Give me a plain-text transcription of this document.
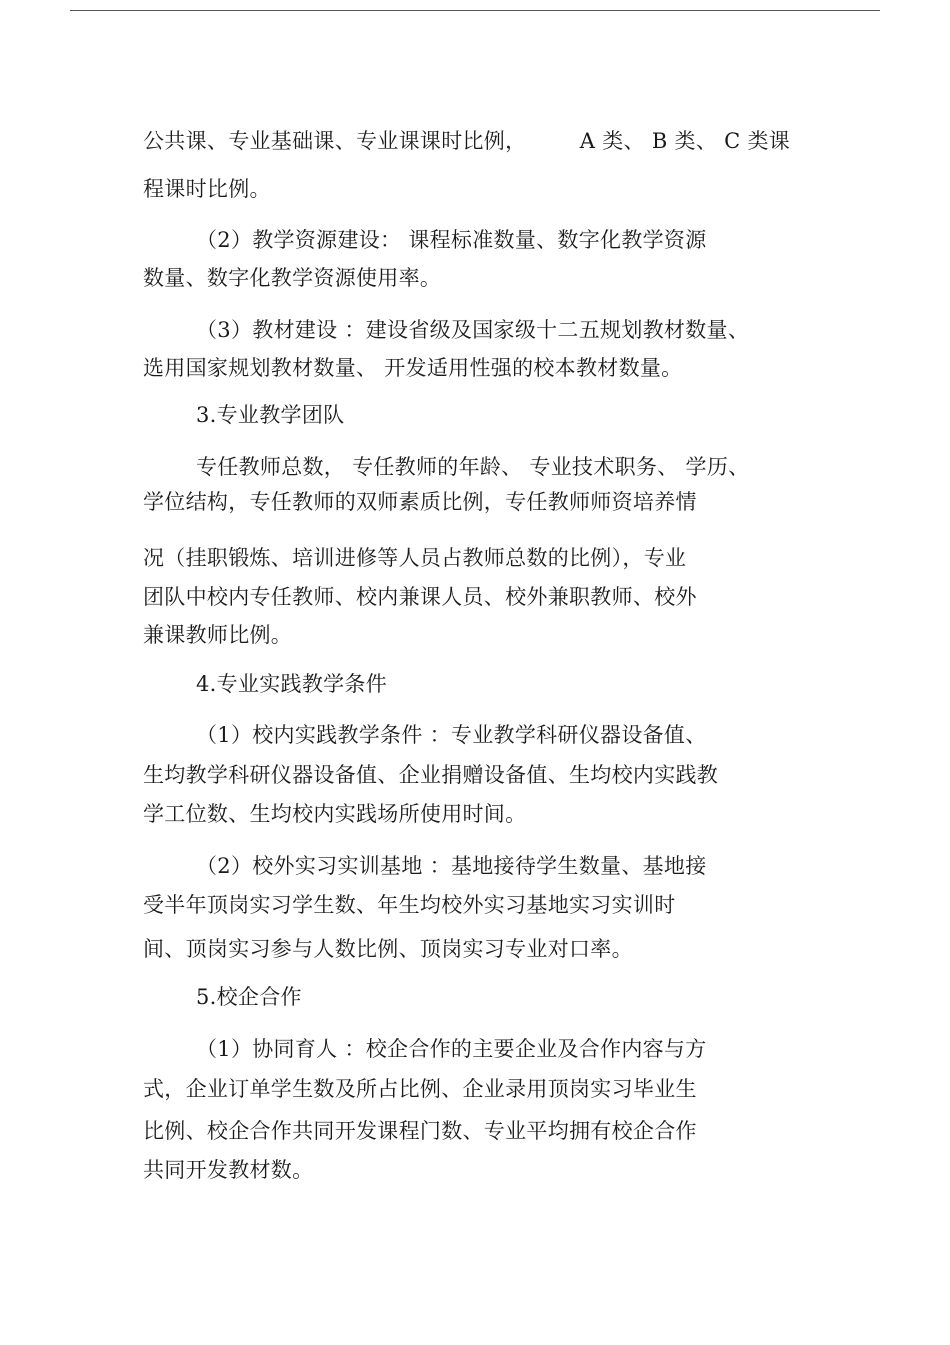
公共课、专业基础课、专业课课时比例，　　　A 类、 B 类、 C 类课
程课时比例。
（2）教学资源建设： 课程标准数量、数字化教学资源
数量、数字化教学资源使用率。
（3）教材建设 ：建设省级及国家级十二五规划教材数量、
选用国家规划教材数量、 开发适用性强的校本教材数量。
3.专业教学团队
专任教师总数， 专任教师的年龄、 专业技术职务、 学历、
学位结构，专任教师的双师素质比例，专任教师师资培养情
况（挂职锻炼、培训进修等人员占教师总数的比例），专业
团队中校内专任教师、校内兼课人员、校外兼职教师、校外
兼课教师比例。
4.专业实践教学条件
（1）校内实践教学条件 ：专业教学科研仪器设备值、
生均教学科研仪器设备值、企业捐赠设备值、生均校内实践教
学工位数、生均校内实践场所使用时间。
（2）校外实习实训基地 ：基地接待学生数量、基地接
受半年顶岗实习学生数、年生均校外实习基地实习实训时
间、顶岗实习参与人数比例、顶岗实习专业对口率。
5.校企合作
（1）协同育人 ：校企合作的主要企业及合作内容与方
式，企业订单学生数及所占比例、企业录用顶岗实习毕业生
比例、校企合作共同开发课程门数、专业平均拥有校企合作
共同开发教材数。
